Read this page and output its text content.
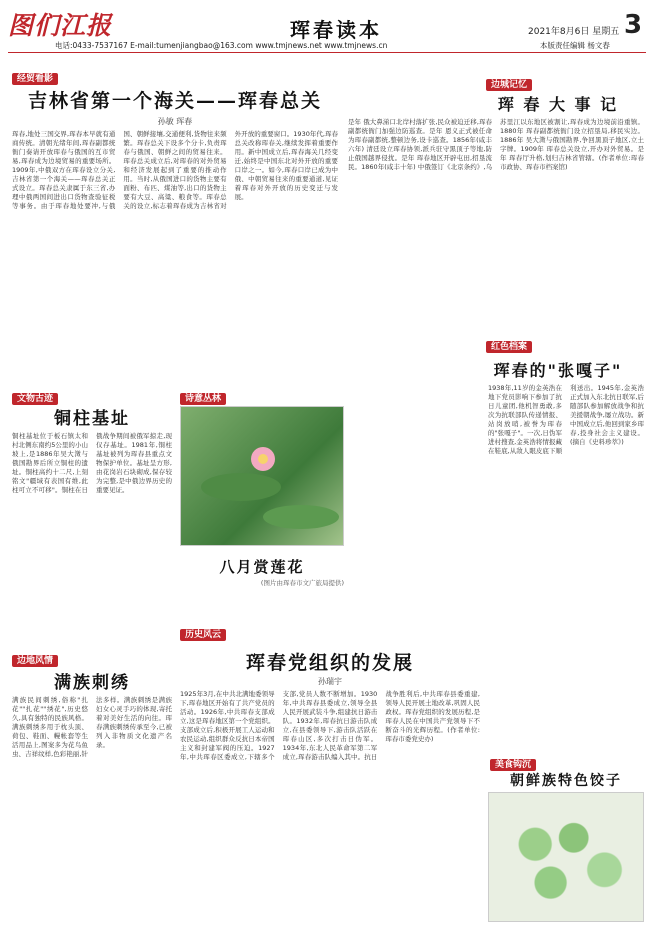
图们江报	珲春读本	2021年8月6日 星期五 3
电话:0433-7537167 E-mail:tumenjiangbao@163.com www.tmjnews.net www.tmjnews.cn	本版责任编辑 杨文春
经贸看影
吉林省第一个海关——珲春总关
孙敏 珲春
珲春,地处三国交界,珲春本早就有通商传统。清朝光绪年间,珲春副都统衙门奏请开放珲春与俄国的互市贸易,珲春成为边境贸易的重要场所。1909年,中俄双方在珲春设立分关,吉林省第一个海关——珲春总关正式设立。珲春总关隶属于东三省,办理中俄两国间进出口货物查验征税等事务。由于珲春地处要冲,与俄国、朝鲜接壤,交通便利,货物往来频繁。珲春总关下设多个分卡,负责珲春与俄国、朝鲜之间的贸易往来。珲春总关成立后,对珲春的对外贸易和经济发展起到了重要的推动作用。当时,从俄国进口的货物主要有面粉、布匹、煤油等,出口的货物主要有大豆、高粱、粮食等。珲春总关的设立,标志着珲春成为吉林省对外开放的重要窗口。1930年代,珲春总关改称珲春关,继续发挥着重要作用。新中国成立后,珲春海关几经变迁,始终是中国东北对外开放的重要口岸之一。如今,珲春口岸已成为中俄、中朝贸易往来的重要通道,见证着珲春对外开放的历史变迁与发展。
边城记忆
珲 春 大 事 记
是年 俄大鼻涕口北岸村落扩张,民众被迫迁移,珲春副都统衙门加强边防巡查。是年 恩义正式被任命为珲春副都统,整顿边务,设卡巡查。1856年(咸丰六年) 清廷设立珲春协领,派兵驻守黑顶子等地,防止俄国越界侵扰。是年 珲春地区开辟屯田,招垦流民。1860年(咸丰十年) 中俄签订《北京条约》,乌苏里江以东地区被割让,珲春成为边境前沿重镇。1880年 珲春副都统衙门设立招垦局,移民实边。1886年 吴大澂与俄国勘界,争回黑顶子地区,立土字牌。1909年 珲春总关设立,开办对外贸易。是年 珲春厅升格,划归吉林省管辖。(作者单位:珲春市政协、珲春市档案馆)
文物古迹
铜柱基址
铜柱基址位于板石镇太和村北侧东南约5公里的小山坡上,是1886年吴大澂与俄国勘界后所立铜柱的遗址。铜柱高约十二尺,上刻铭文"疆域有表国有维,此柱可立不可移"。铜柱在日俄战争期间被俄军掠走,现仅存基址。1981年,铜柱基址被列为珲春县重点文物保护单位。基址呈方形,由花岗岩石块砌成,保存较为完整,是中俄边界历史的重要见证。
诗意丛林
八月赏莲花
(图片由珲春市文广旅局提供)
历史风云
珲春党组织的发展
孙瑞宇
1925年3月,在中共北满地委领导下,珲春地区开始有了共产党员的活动。1926年,中共珲春支部成立,这是珲春地区第一个党组织。支部成立后,积极开展工人运动和农民运动,组织群众反抗日本帝国主义和封建军阀的压迫。1927年,中共珲春区委成立,下辖多个支部,党员人数不断增加。1930年,中共珲春县委成立,领导全县人民开展武装斗争,组建抗日游击队。1932年,珲春抗日游击队成立,在县委领导下,游击队活跃在珲春山区,多次打击日伪军。1934年,东北人民革命军第二军成立,珲春游击队编入其中。抗日战争胜利后,中共珲春县委重建,领导人民开展土地改革,巩固人民政权。珲春党组织的发展历程,是珲春人民在中国共产党领导下不断奋斗的光辉历程。(作者单位:珲春市委党史办)
边地风情
满族刺绣
满族民间刺绣,俗称"扎花""扎花""绣花",历史悠久,具有独特的民族风格。满族刺绣多用于枕头顶、荷包、鞋面、幔帐套等生活用品上,图案多为花鸟鱼虫、吉祥纹样,色彩艳丽,针法多样。满族刺绣是满族妇女心灵手巧的体现,寄托着对美好生活的向往。珲春满族刺绣传承至今,已被列入非物质文化遗产名录。
红色档案
珲春的"张嘎子"
1938年,11岁的金英浩在地下党员影响下参加了抗日儿童团,他机智勇敢,多次为抗联部队传递情报、站岗放哨,被誉为珲春的"张嘎子"。一次,日伪军进村搜查,金英浩将情报藏在鞋底,从敌人眼皮底下顺利送出。1945年,金英浩正式加入东北抗日联军,后随部队参加解放战争和抗美援朝战争,屡立战功。新中国成立后,他回到家乡珲春,投身社会主义建设。(摘自《史料珍萃》)
美食钩沉
朝鲜族特色饺子
